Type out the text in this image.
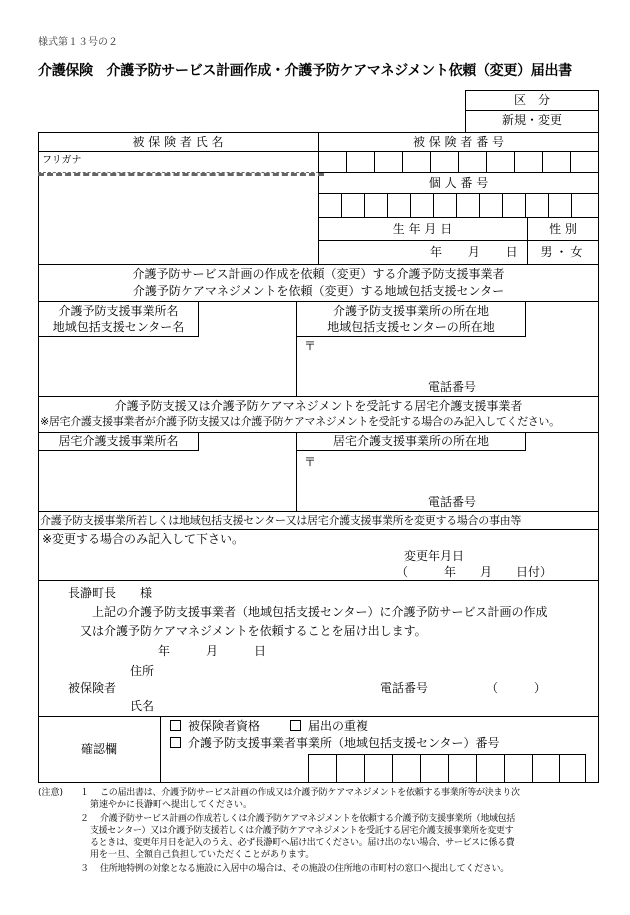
様式第１３号の２
介護保険　介護予防サービス計画作成・介護予防ケアマネジメント依頼（変更）届出書
区　分
新規・変更
被 保 険 者 氏 名	被 保 険 者 番 号
フリガナ
個 人 番 号
生 年 月 日	性 別
年 月 日	男・女
介護予防サービス計画の作成を依頼（変更）する介護予防支援事業者
介護予防ケアマネジメントを依頼（変更）する地域包括支援センター
介護予防支援事業所名
地域包括支援センター名
介護予防支援事業所の所在地
地域包括支援センターの所在地
〒
電話番号
介護予防支援又は介護予防ケアマネジメントを受託する居宅介護支援事業者
※居宅介護支援事業者が介護予防支援又は介護予防ケアマネジメントを受託する場合のみ記入してください。
居宅介護支援事業所名	居宅介護支援事業所の所在地
〒
電話番号
介護予防支援事業所若しくは地域包括支援センター又は居宅介護支援事業所を変更する場合の事由等
※変更する場合のみ記入して下さい。
変更年月日
（　　　年　　月　　日付）
長瀞町長　　様
上記の介護予防支援事業者（地域包括支援センター）に介護予防サービス計画の作成
又は介護予防ケアマネジメントを依頼することを届け出します。
年　　　月　　　日
住所
被保険者	電話番号	（　　　）
氏名
確認欄
被保険者資格	届出の重複
介護予防支援事業者事業所（地域包括支援センター）番号
(注意) １ この届出書は、介護予防サービス計画の作成又は介護予防ケアマネジメントを依頼する事業所等が決まり次
第速やかに長瀞町へ提出してください。
２ 介護予防サービス計画の作成若しくは介護予防ケアマネジメントを依頼する介護予防支援事業所（地域包括
支援センター）又は介護予防支援若しくは介護予防ケアマネジメントを受託する居宅介護支援事業所を変更す
るときは、変更年月日を記入のうえ、必ず長瀞町へ届け出てください。届け出のない場合、サービスに係る費
用を一旦、全額自己負担していただくことがあります。
３ 住所地特例の対象となる施設に入居中の場合は、その施設の住所地の市町村の窓口へ提出してください。
